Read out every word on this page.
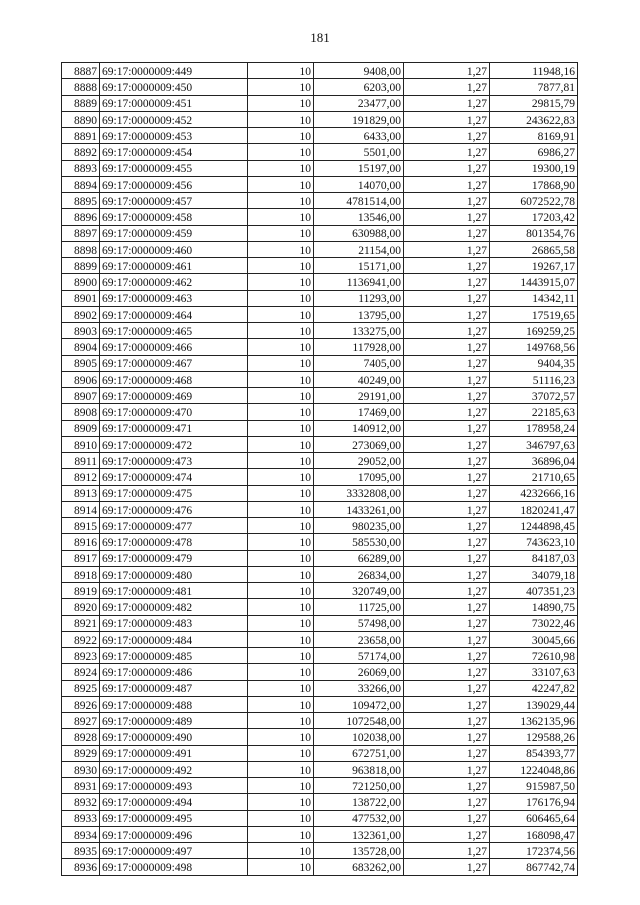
181
8887	69:17:0000009:449	10	9408,00	1,27	11948,16
8888	69:17:0000009:450	10	6203,00	1,27	7877,81
8889	69:17:0000009:451	10	23477,00	1,27	29815,79
8890	69:17:0000009:452	10	191829,00	1,27	243622,83
8891	69:17:0000009:453	10	6433,00	1,27	8169,91
8892	69:17:0000009:454	10	5501,00	1,27	6986,27
8893	69:17:0000009:455	10	15197,00	1,27	19300,19
8894	69:17:0000009:456	10	14070,00	1,27	17868,90
8895	69:17:0000009:457	10	4781514,00	1,27	6072522,78
8896	69:17:0000009:458	10	13546,00	1,27	17203,42
8897	69:17:0000009:459	10	630988,00	1,27	801354,76
8898	69:17:0000009:460	10	21154,00	1,27	26865,58
8899	69:17:0000009:461	10	15171,00	1,27	19267,17
8900	69:17:0000009:462	10	1136941,00	1,27	1443915,07
8901	69:17:0000009:463	10	11293,00	1,27	14342,11
8902	69:17:0000009:464	10	13795,00	1,27	17519,65
8903	69:17:0000009:465	10	133275,00	1,27	169259,25
8904	69:17:0000009:466	10	117928,00	1,27	149768,56
8905	69:17:0000009:467	10	7405,00	1,27	9404,35
8906	69:17:0000009:468	10	40249,00	1,27	51116,23
8907	69:17:0000009:469	10	29191,00	1,27	37072,57
8908	69:17:0000009:470	10	17469,00	1,27	22185,63
8909	69:17:0000009:471	10	140912,00	1,27	178958,24
8910	69:17:0000009:472	10	273069,00	1,27	346797,63
8911	69:17:0000009:473	10	29052,00	1,27	36896,04
8912	69:17:0000009:474	10	17095,00	1,27	21710,65
8913	69:17:0000009:475	10	3332808,00	1,27	4232666,16
8914	69:17:0000009:476	10	1433261,00	1,27	1820241,47
8915	69:17:0000009:477	10	980235,00	1,27	1244898,45
8916	69:17:0000009:478	10	585530,00	1,27	743623,10
8917	69:17:0000009:479	10	66289,00	1,27	84187,03
8918	69:17:0000009:480	10	26834,00	1,27	34079,18
8919	69:17:0000009:481	10	320749,00	1,27	407351,23
8920	69:17:0000009:482	10	11725,00	1,27	14890,75
8921	69:17:0000009:483	10	57498,00	1,27	73022,46
8922	69:17:0000009:484	10	23658,00	1,27	30045,66
8923	69:17:0000009:485	10	57174,00	1,27	72610,98
8924	69:17:0000009:486	10	26069,00	1,27	33107,63
8925	69:17:0000009:487	10	33266,00	1,27	42247,82
8926	69:17:0000009:488	10	109472,00	1,27	139029,44
8927	69:17:0000009:489	10	1072548,00	1,27	1362135,96
8928	69:17:0000009:490	10	102038,00	1,27	129588,26
8929	69:17:0000009:491	10	672751,00	1,27	854393,77
8930	69:17:0000009:492	10	963818,00	1,27	1224048,86
8931	69:17:0000009:493	10	721250,00	1,27	915987,50
8932	69:17:0000009:494	10	138722,00	1,27	176176,94
8933	69:17:0000009:495	10	477532,00	1,27	606465,64
8934	69:17:0000009:496	10	132361,00	1,27	168098,47
8935	69:17:0000009:497	10	135728,00	1,27	172374,56
8936	69:17:0000009:498	10	683262,00	1,27	867742,74
